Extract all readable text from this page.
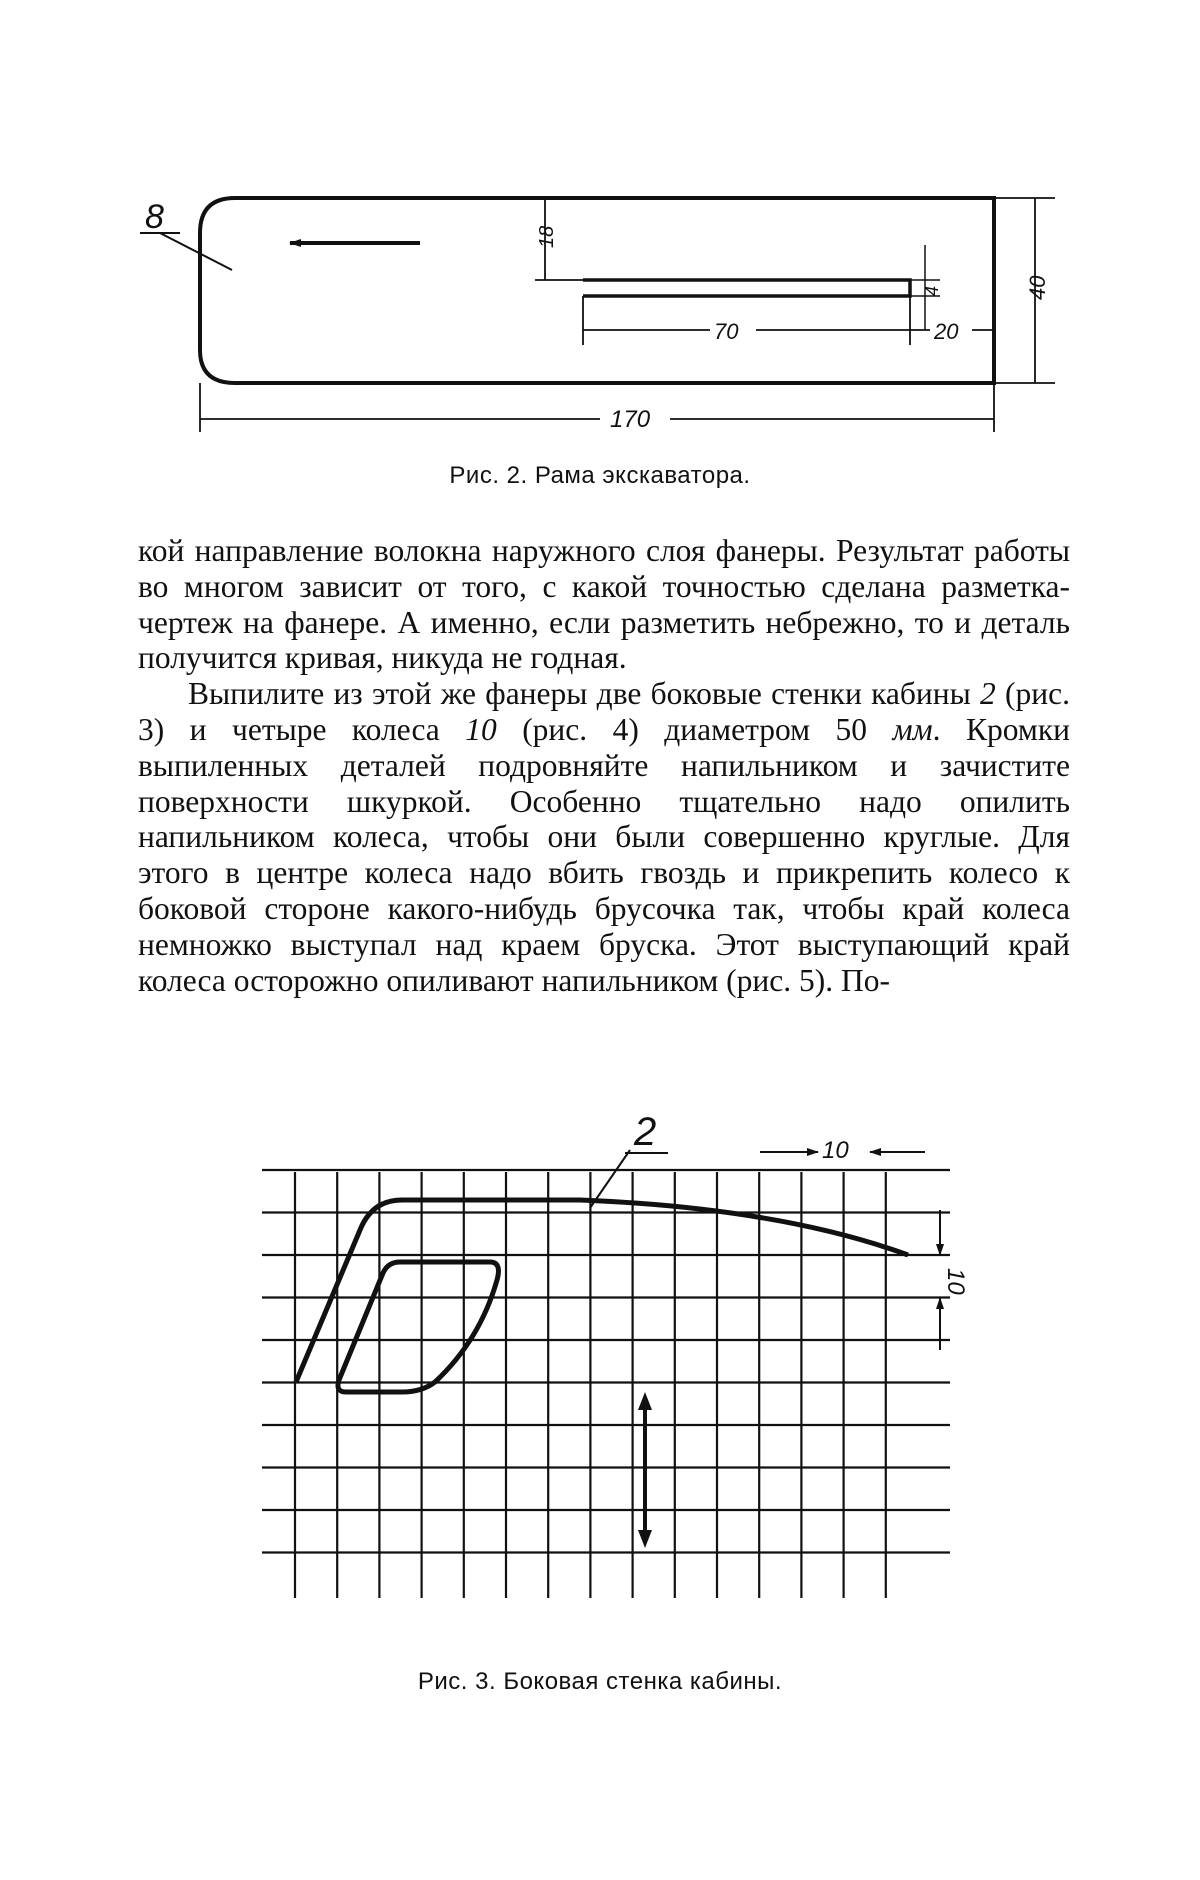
8
18
4
70	20
40
170
Рис. 2. Рама экскаватора.

кой направление волокна наружного слоя фанеры. Результат работы во многом зависит от того, с какой точностью сделана разметка-чертеж на фанере. А именно, если разметить небрежно, то и деталь получится кривая, никуда не годная.

Выпилите из этой же фанеры две боковые стенки кабины 2 (рис. 3) и четыре колеса 10 (рис. 4) диаметром 50 мм. Кромки выпиленных деталей подровняйте напильником и зачистите поверхности шкуркой. Особенно тщательно надо опилить напильником колеса, чтобы они были совершенно круглые. Для этого в центре колеса надо вбить гвоздь и прикрепить колесо к боковой стороне какого-нибудь брусочка так, чтобы край колеса немножко выступал над краем бруска. Этот выступающий край колеса осторожно опиливают напильником (рис. 5). По-

2	10
10
Рис. 3. Боковая стенка кабины.
